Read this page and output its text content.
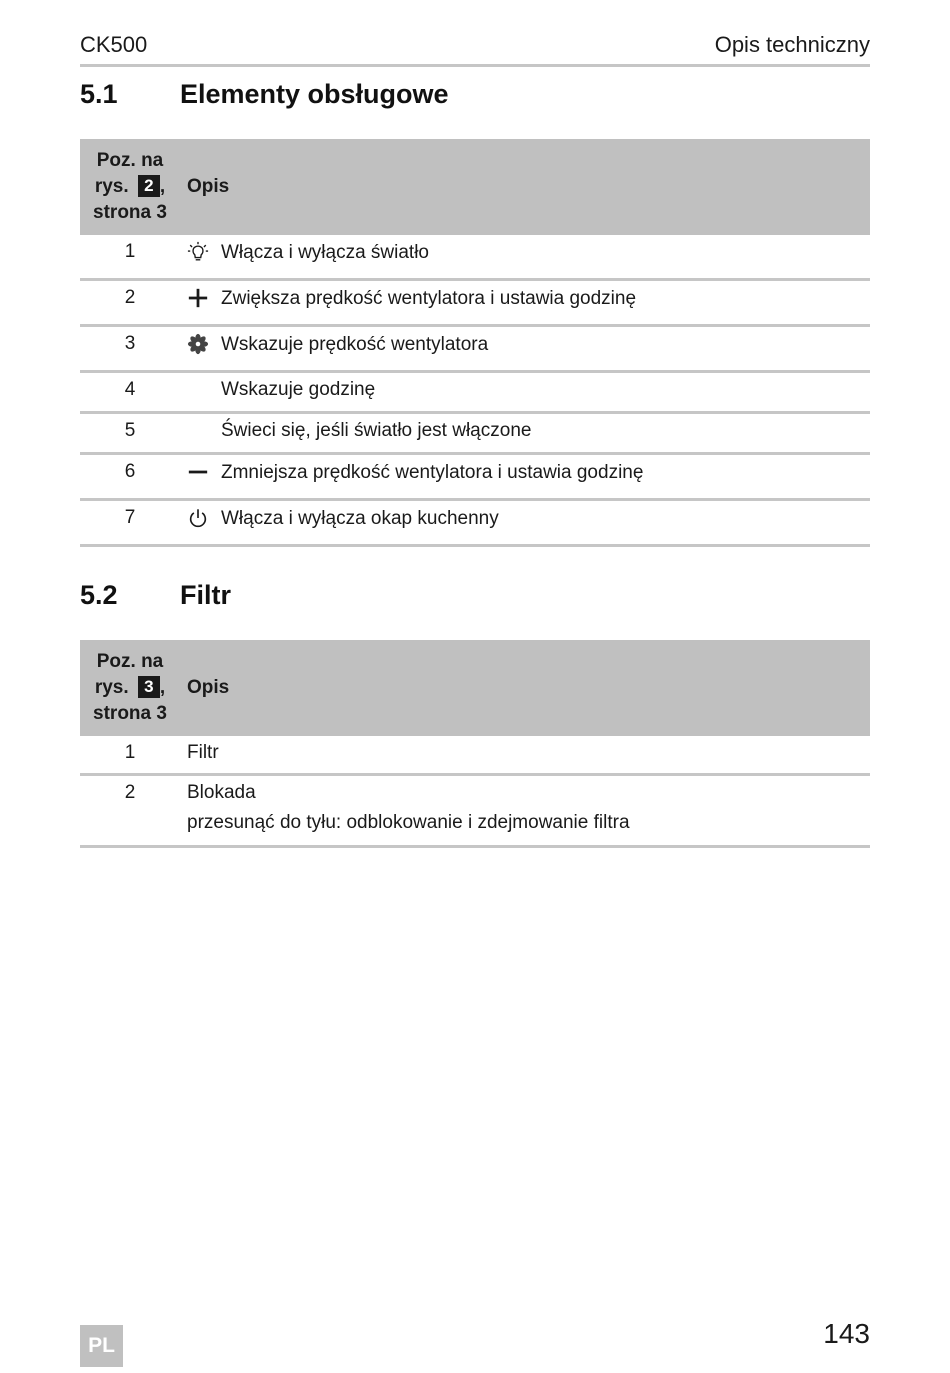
CK500	Opis techniczny
5.1 Elementy obsługowe
Poz. na
rys. 2 ,
strona 3	Opis

1	Włącza i wyłącza światło

2	Zwiększa prędkość wentylatora i ustawia godzinę

3	Wskazuje prędkość wentylatora

4	Wskazuje godzinę

5	Świeci się, jeśli światło jest włączone

6	Zmniejsza prędkość wentylatora i ustawia godzinę

7	Włącza i wyłącza okap kuchenny
5.2 Filtr
Poz. na
rys. 3 ,
strona 3	Opis

1	Filtr

2	Blokada
przesunąć do tyłu: odblokowanie i zdejmowanie filtra
PL	143
